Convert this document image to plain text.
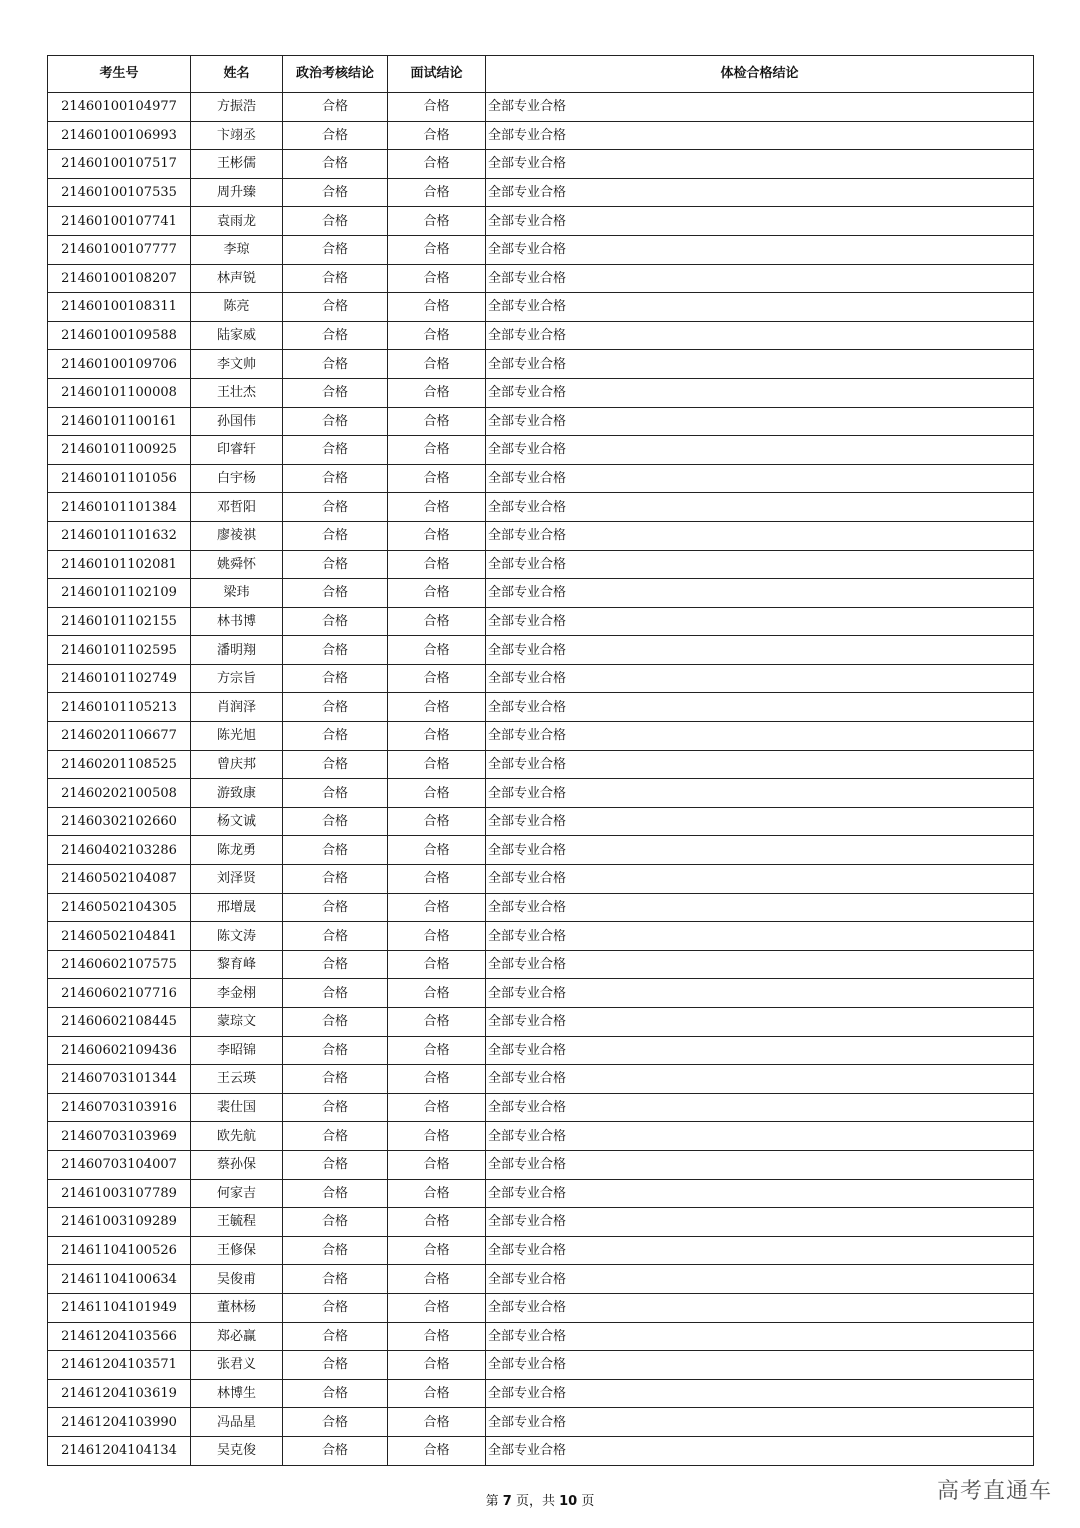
考生号	姓名	政治考核结论	面试结论	体检合格结论
21460100104977	方振浩	合格	合格	全部专业合格
21460100106993	卞翊丞	合格	合格	全部专业合格
21460100107517	王彬儒	合格	合格	全部专业合格
21460100107535	周升臻	合格	合格	全部专业合格
21460100107741	袁雨龙	合格	合格	全部专业合格
21460100107777	李琼	合格	合格	全部专业合格
21460100108207	林声锐	合格	合格	全部专业合格
21460100108311	陈亮	合格	合格	全部专业合格
21460100109588	陆家威	合格	合格	全部专业合格
21460100109706	李文帅	合格	合格	全部专业合格
21460101100008	王壮杰	合格	合格	全部专业合格
21460101100161	孙国伟	合格	合格	全部专业合格
21460101100925	印睿轩	合格	合格	全部专业合格
21460101101056	白宇杨	合格	合格	全部专业合格
21460101101384	邓哲阳	合格	合格	全部专业合格
21460101101632	廖祾祺	合格	合格	全部专业合格
21460101102081	姚舜怀	合格	合格	全部专业合格
21460101102109	梁玮	合格	合格	全部专业合格
21460101102155	林书博	合格	合格	全部专业合格
21460101102595	潘明翔	合格	合格	全部专业合格
21460101102749	方宗旨	合格	合格	全部专业合格
21460101105213	肖润泽	合格	合格	全部专业合格
21460201106677	陈光旭	合格	合格	全部专业合格
21460201108525	曾庆邦	合格	合格	全部专业合格
21460202100508	游致康	合格	合格	全部专业合格
21460302102660	杨文诚	合格	合格	全部专业合格
21460402103286	陈龙勇	合格	合格	全部专业合格
21460502104087	刘泽贤	合格	合格	全部专业合格
21460502104305	邢增晟	合格	合格	全部专业合格
21460502104841	陈文涛	合格	合格	全部专业合格
21460602107575	黎育峰	合格	合格	全部专业合格
21460602107716	李金栩	合格	合格	全部专业合格
21460602108445	蒙琮文	合格	合格	全部专业合格
21460602109436	李昭锦	合格	合格	全部专业合格
21460703101344	王云瑛	合格	合格	全部专业合格
21460703103916	裴仕国	合格	合格	全部专业合格
21460703103969	欧先航	合格	合格	全部专业合格
21460703104007	蔡孙保	合格	合格	全部专业合格
21461003107789	何家吉	合格	合格	全部专业合格
21461003109289	王毓程	合格	合格	全部专业合格
21461104100526	王修保	合格	合格	全部专业合格
21461104100634	吴俊甫	合格	合格	全部专业合格
21461104101949	董林杨	合格	合格	全部专业合格
21461204103566	郑必赢	合格	合格	全部专业合格
21461204103571	张君义	合格	合格	全部专业合格
21461204103619	林博生	合格	合格	全部专业合格
21461204103990	冯品星	合格	合格	全部专业合格
21461204104134	吴克俊	合格	合格	全部专业合格
第 7 页，共 10 页	高考直通车
